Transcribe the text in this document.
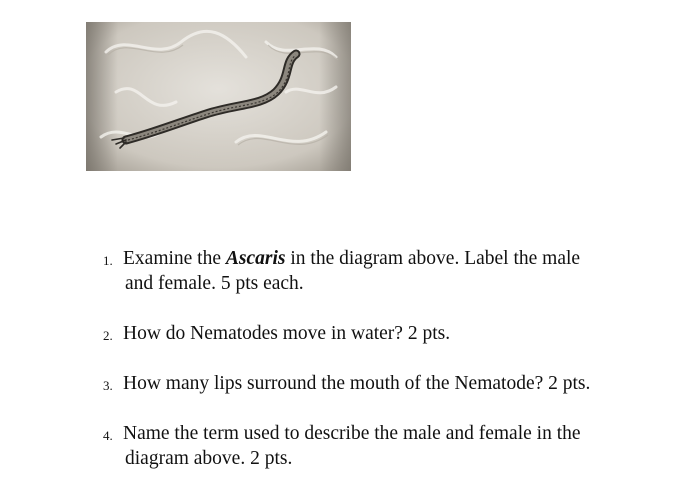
1. Examine the Ascaris in the diagram above. Label the male
and female. 5 pts each.
2. How do Nematodes move in water? 2 pts.
3. How many lips surround the mouth of the Nematode? 2 pts.
4. Name the term used to describe the male and female in the
diagram above. 2 pts.
